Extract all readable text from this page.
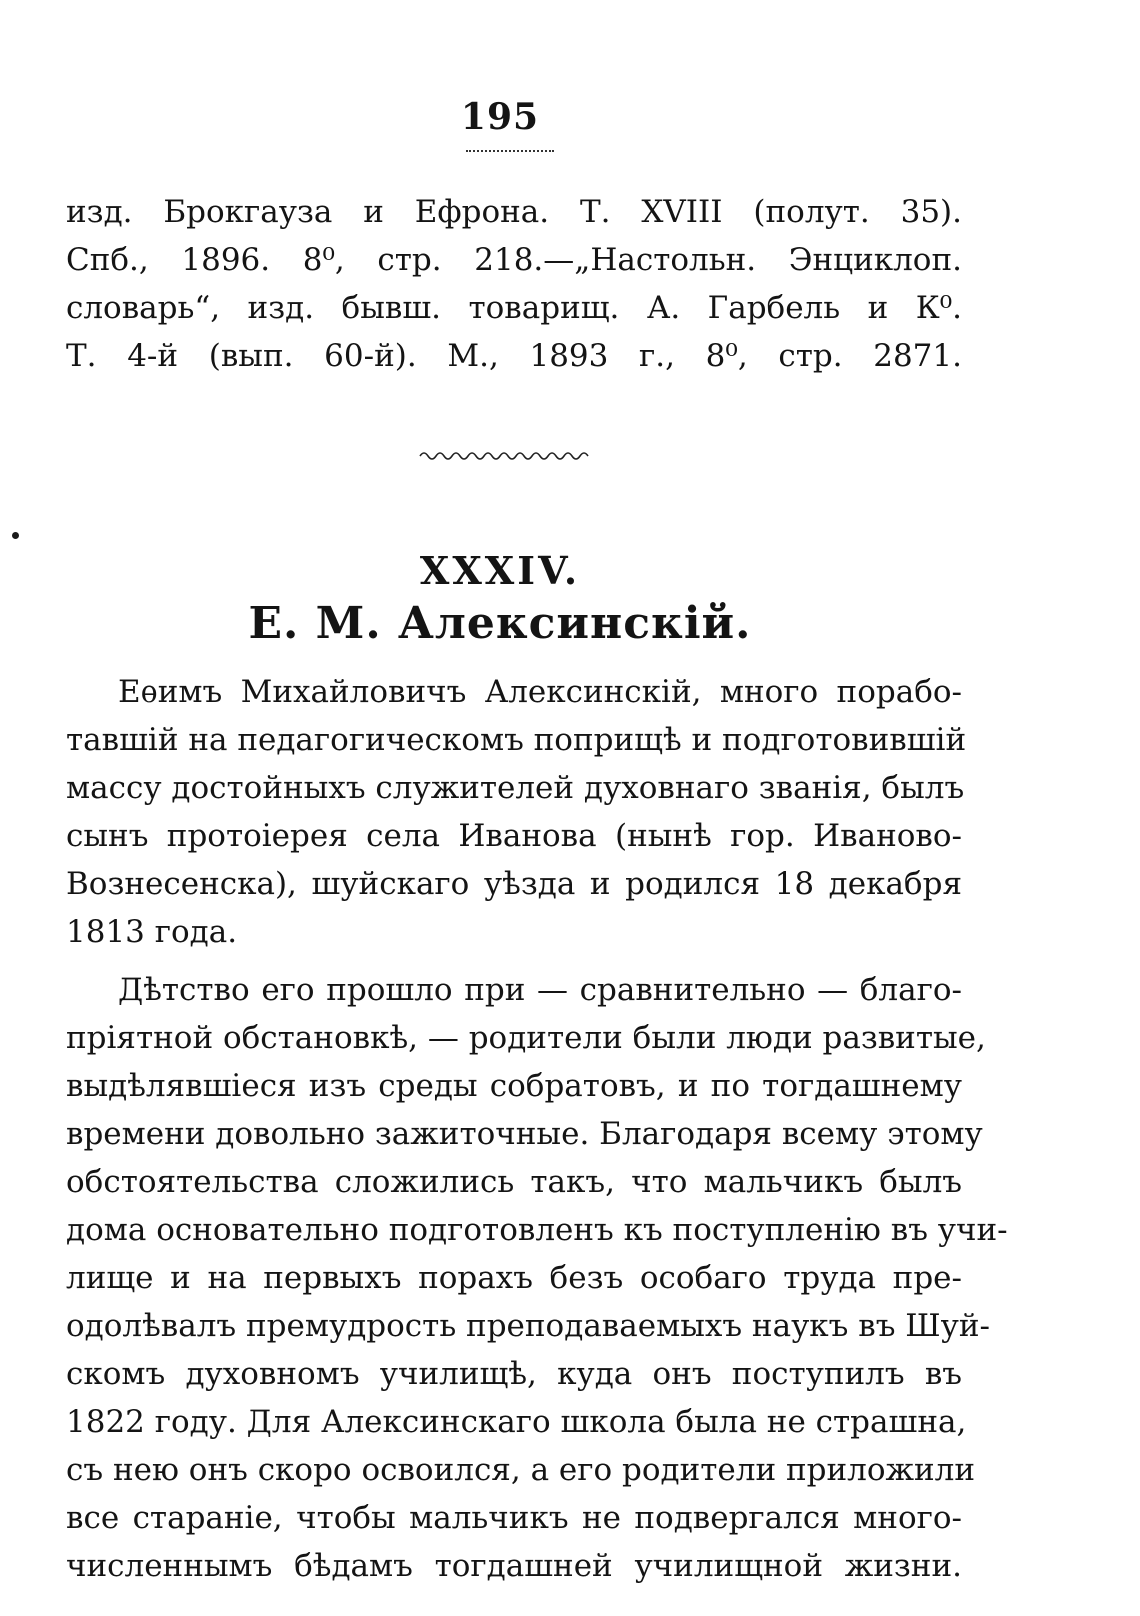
195
изд. Брокгауза и Ефрона. Т. XVIII (полут. 35).
Спб., 1896. 8⁰, стр. 218.—„Настольн. Энциклоп.
словарь“, изд. бывш. товарищ. А. Гарбель и К⁰.
Т. 4-й (вып. 60-й). М., 1893 г., 8⁰, стр. 2871.
XXXIV.
Е. М. Алексинскій.
Еѳимъ Михайловичъ Алексинскій, много порабо-
тавшій на педагогическомъ поприщѣ и подготовившій
массу достойныхъ служителей духовнаго званія, былъ
сынъ протоіерея села Иванова (нынѣ гор. Иваново-
Вознесенска), шуйскаго уѣзда и родился 18 декабря
1813 года.
Дѣтство его прошло при — сравнительно — благо-
пріятной обстановкѣ, — родители были люди развитые,
выдѣлявшіеся изъ среды собратовъ, и по тогдашнему
времени довольно зажиточные. Благодаря всему этому
обстоятельства сложились такъ, что мальчикъ былъ
дома основательно подготовленъ къ поступленію въ учи-
лище и на первыхъ порахъ безъ особаго труда пре-
одолѣвалъ премудрость преподаваемыхъ наукъ въ Шуй-
скомъ духовномъ училищѣ, куда онъ поступилъ въ
1822 году. Для Алексинскаго школа была не страшна,
съ нею онъ скоро освоился, а его родители приложили
все стараніе, чтобы мальчикъ не подвергался много-
численнымъ бѣдамъ тогдашней училищной жизни.
